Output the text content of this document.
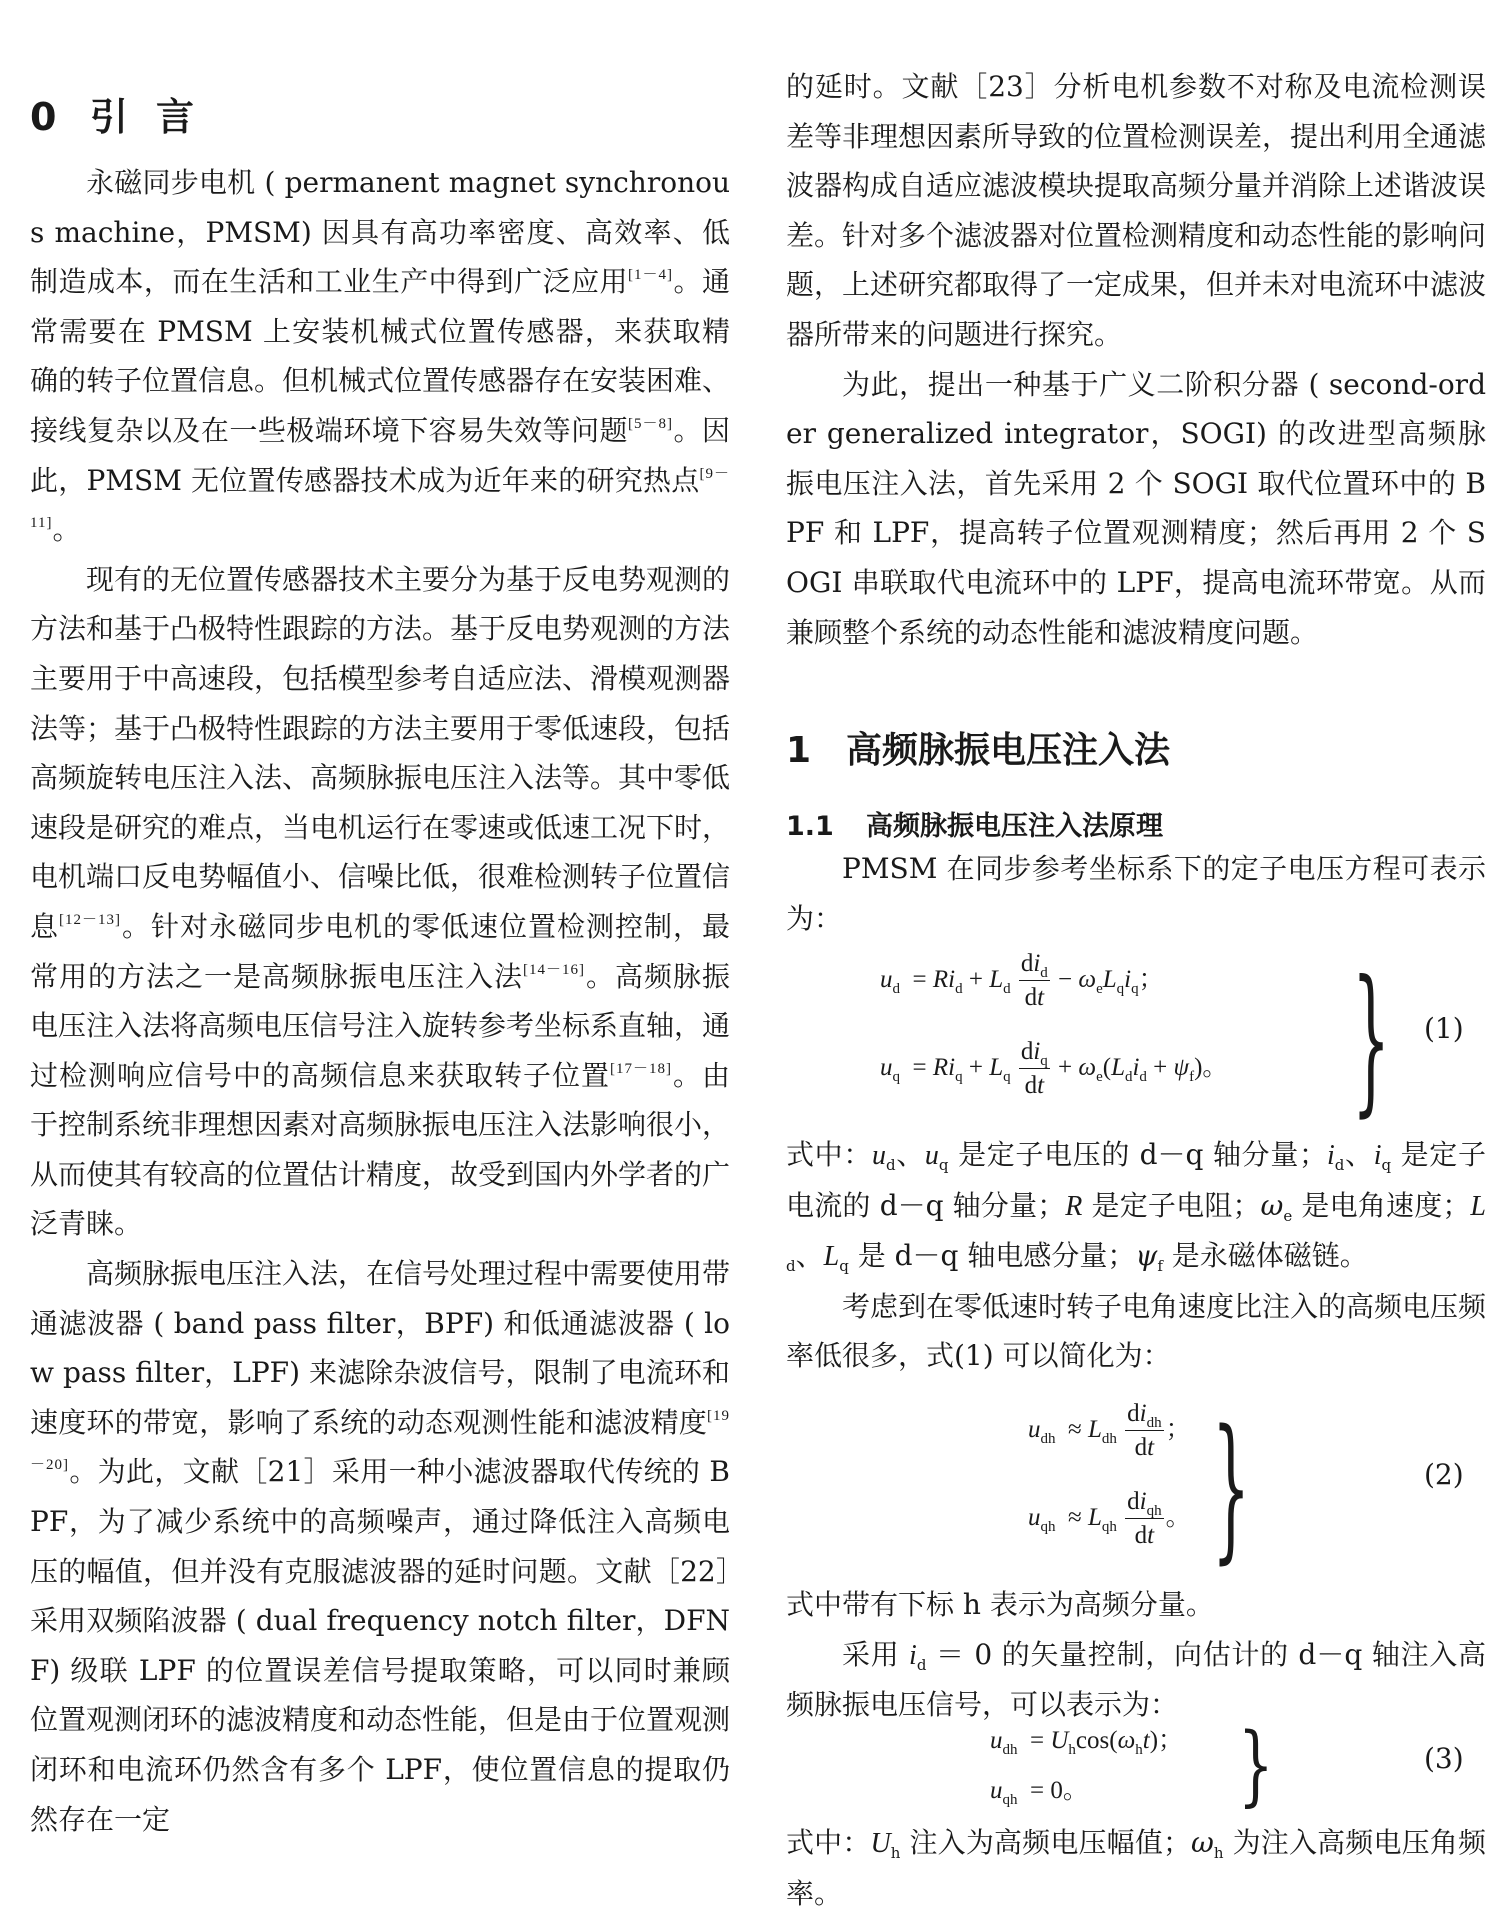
0 引言

永磁同步电机 ( permanent magnet synchronous machine，PMSM) 因具有高功率密度、高效率、低制造成本，而在生活和工业生产中得到广泛应用[1－4]。通常需要在 PMSM 上安装机械式位置传感器，来获取精确的转子位置信息。但机械式位置传感器存在安装困难、接线复杂以及在一些极端环境下容易失效等问题[5－8]。因此，PMSM 无位置传感器技术成为近年来的研究热点[9－11]。

现有的无位置传感器技术主要分为基于反电势观测的方法和基于凸极特性跟踪的方法。基于反电势观测的方法主要用于中高速段，包括模型参考自适应法、滑模观测器法等；基于凸极特性跟踪的方法主要用于零低速段，包括高频旋转电压注入法、高频脉振电压注入法等。其中零低速段是研究的难点，当电机运行在零速或低速工况下时，电机端口反电势幅值小、信噪比低，很难检测转子位置信息[12－13]。针对永磁同步电机的零低速位置检测控制，最常用的方法之一是高频脉振电压注入法[14－16]。高频脉振电压注入法将高频电压信号注入旋转参考坐标系直轴，通过检测响应信号中的高频信息来获取转子位置[17－18]。由于控制系统非理想因素对高频脉振电压注入法影响很小，从而使其有较高的位置估计精度，故受到国内外学者的广泛青睐。

高频脉振电压注入法，在信号处理过程中需要使用带通滤波器 ( band pass filter，BPF) 和低通滤波器 ( low pass filter，LPF) 来滤除杂波信号，限制了电流环和速度环的带宽，影响了系统的动态观测性能和滤波精度[19－20]。为此，文献［21］采用一种小滤波器取代传统的 BPF，为了减少系统中的高频噪声，通过降低注入高频电压的幅值，但并没有克服滤波器的延时问题。文献［22］采用双频陷波器 ( dual frequency notch filter，DFNF) 级联 LPF 的位置误差信号提取策略，可以同时兼顾位置观测闭环的滤波精度和动态性能，但是由于位置观测闭环和电流环仍然含有多个 LPF，使位置信息的提取仍然存在一定

的延时。文献［23］分析电机参数不对称及电流检测误差等非理想因素所导致的位置检测误差，提出利用全通滤波器构成自适应滤波模块提取高频分量并消除上述谐波误差。针对多个滤波器对位置检测精度和动态性能的影响问题，上述研究都取得了一定成果，但并未对电流环中滤波器所带来的问题进行探究。

为此，提出一种基于广义二阶积分器 ( second-order generalized integrator，SOGI) 的改进型高频脉振电压注入法，首先采用 2 个 SOGI 取代位置环中的 BPF 和 LPF，提高转子位置观测精度；然后再用 2 个 SOGI 串联取代电流环中的 LPF，提高电流环带宽。从而兼顾整个系统的动态性能和滤波精度问题。

1 高频脉振电压注入法
1.1 高频脉振电压注入法原理

PMSM 在同步参考坐标系下的定子电压方程可表示为：

$u_d = Ri_d + L_d \frac{di_d}{dt} - \omega_eL_qi_q$；
$u_q = Ri_q + L_q \frac{di_q}{dt} + \omega_e(L_di_d + \psi_f)$。 } (1)

式中：$u_d$、$u_q$ 是定子电压的 d－q 轴分量；$i_d$、$i_q$ 是定子电流的 d－q 轴分量；R 是定子电阻；$\omega_e$ 是电角速度；$L_d$、$L_q$ 是 d－q 轴电感分量；$\psi_f$ 是永磁体磁链。

考虑到在零低速时转子电角速度比注入的高频电压频率低很多，式(1) 可以简化为：

$u_{dh} \approx L_{dh} \frac{di_{dh}}{dt}$ ；
$u_{qh} \approx L_{qh} \frac{di_{qh}}{dt}$ 。 }	(2)

式中带有下标 h 表示为高频分量。

采用 $i_d = 0$ 的矢量控制，向估计的 d－q 轴注入高频脉振电压信号，可以表示为：

$u_{dh} = U_h\cos(\omega_ht)$；
$u_{qh} = 0$。	}	(3)

式中：$U_h$ 注入为高频电压幅值；$\omega_h$ 为注入高频电压角频率。
